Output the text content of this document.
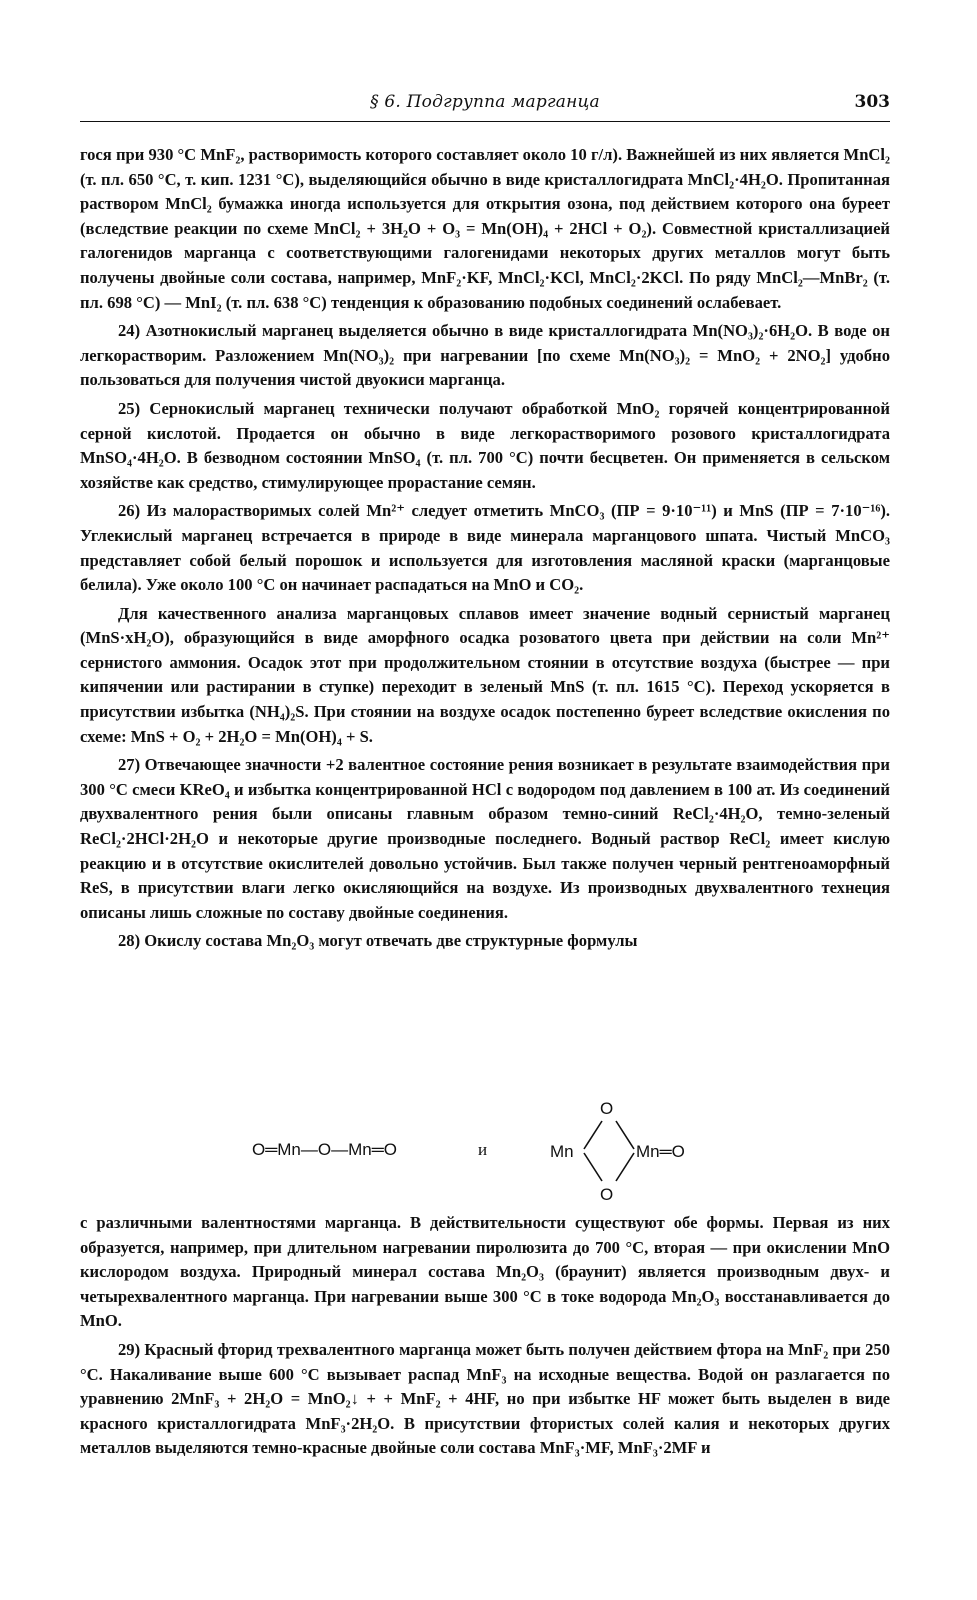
§ 6. Подгруппа марганца	303

гося при 930 °С MnF₂, растворимость которого составляет около 10 г/л). Важнейшей из них является MnCl₂ (т. пл. 650 °С, т. кип. 1231 °С), выделяющийся обычно в виде кристаллогидрата MnCl₂·4H₂O. Пропитанная раствором MnCl₂ бумажка иногда используется для открытия озона, под действием которого она буреет (вследствие реакции по схеме MnCl₂ + 3H₂O + O₃ = Mn(OH)₄ + 2HCl + O₂). Совместной кристаллизацией галогенидов марганца с соответствующими галогенидами некоторых других металлов могут быть получены двойные соли состава, например, MnF₂·KF, MnCl₂·KCl, MnCl₂·2KCl. По ряду MnCl₂—MnBr₂ (т. пл. 698 °С) — MnI₂ (т. пл. 638 °С) тенденция к образованию подобных соединений ослабевает.

24) Азотнокислый марганец выделяется обычно в виде кристаллогидрата Mn(NO₃)₂·6H₂O. В воде он легкорастворим. Разложением Mn(NO₃)₂ при нагревании [по схеме Mn(NO₃)₂ = MnO₂ + 2NO₂] удобно пользоваться для получения чистой двуокиси марганца.

25) Сернокислый марганец технически получают обработкой MnO₂ горячей концентрированной серной кислотой. Продается он обычно в виде легкорастворимого розового кристаллогидрата MnSO₄·4H₂O. В безводном состоянии MnSO₄ (т. пл. 700 °С) почти бесцветен. Он применяется в сельском хозяйстве как средство, стимулирующее прорастание семян.

26) Из малорастворимых солей Mn²⁺ следует отметить MnCO₃ (ПР = 9·10⁻¹¹) и MnS (ПР = 7·10⁻¹⁶). Углекислый марганец встречается в природе в виде минерала марганцового шпата. Чистый MnCO₃ представляет собой белый порошок и используется для изготовления масляной краски (марганцовые белила). Уже около 100 °С он начинает распадаться на MnO и CO₂.

Для качественного анализа марганцовых сплавов имеет значение водный сернистый марганец (MnS·xH₂O), образующийся в виде аморфного осадка розоватого цвета при действии на соли Mn²⁺ сернистого аммония. Осадок этот при продолжительном стоянии в отсутствие воздуха (быстрее — при кипячении или растирании в ступке) переходит в зеленый MnS (т. пл. 1615 °С). Переход ускоряется в присутствии избытка (NH₄)₂S. При стоянии на воздухе осадок постепенно буреет вследствие окисления по схеме: MnS + O₂ + 2H₂O = Mn(OH)₄ + S.

27) Отвечающее значности +2 валентное состояние рения возникает в результате взаимодействия при 300 °С смеси KReO₄ и избытка концентрированной HCl с водородом под давлением в 100 ат. Из соединений двухвалентного рения были описаны главным образом темно-синий ReCl₂·4H₂O, темно-зеленый ReCl₂·2HCl·2H₂O и некоторые другие производные последнего. Водный раствор ReCl₂ имеет кислую реакцию и в отсутствие окислителей довольно устойчив. Был также получен черный рентгеноаморфный ReS, в присутствии влаги легко окисляющийся на воздухе. Из производных двухвалентного технеция описаны лишь сложные по составу двойные соединения.

28) Окислу состава Mn₂O₃ могут отвечать две структурные формулы

O═Mn—O—Mn═O	и
O
Mn	Mn═O
O

с различными валентностями марганца. В действительности существуют обе формы. Первая из них образуется, например, при длительном нагревании пиролюзита до 700 °С, вторая — при окислении MnO кислородом воздуха. Природный минерал состава Mn₂O₃ (браунит) является производным двух- и четырехвалентного марганца. При нагревании выше 300 °С в токе водорода Mn₂O₃ восстанавливается до MnO.

29) Красный фторид трехвалентного марганца может быть получен действием фтора на MnF₂ при 250 °С. Накаливание выше 600 °С вызывает распад MnF₃ на исходные вещества. Водой он разлагается по уравнению 2MnF₃ + 2H₂O = MnO₂↓ + + MnF₂ + 4HF, но при избытке HF может быть выделен в виде красного кристаллогидрата MnF₃·2H₂O. В присутствии фтористых солей калия и некоторых других металлов выделяются темно-красные двойные соли состава MnF₃·MF, MnF₃·2MF и
